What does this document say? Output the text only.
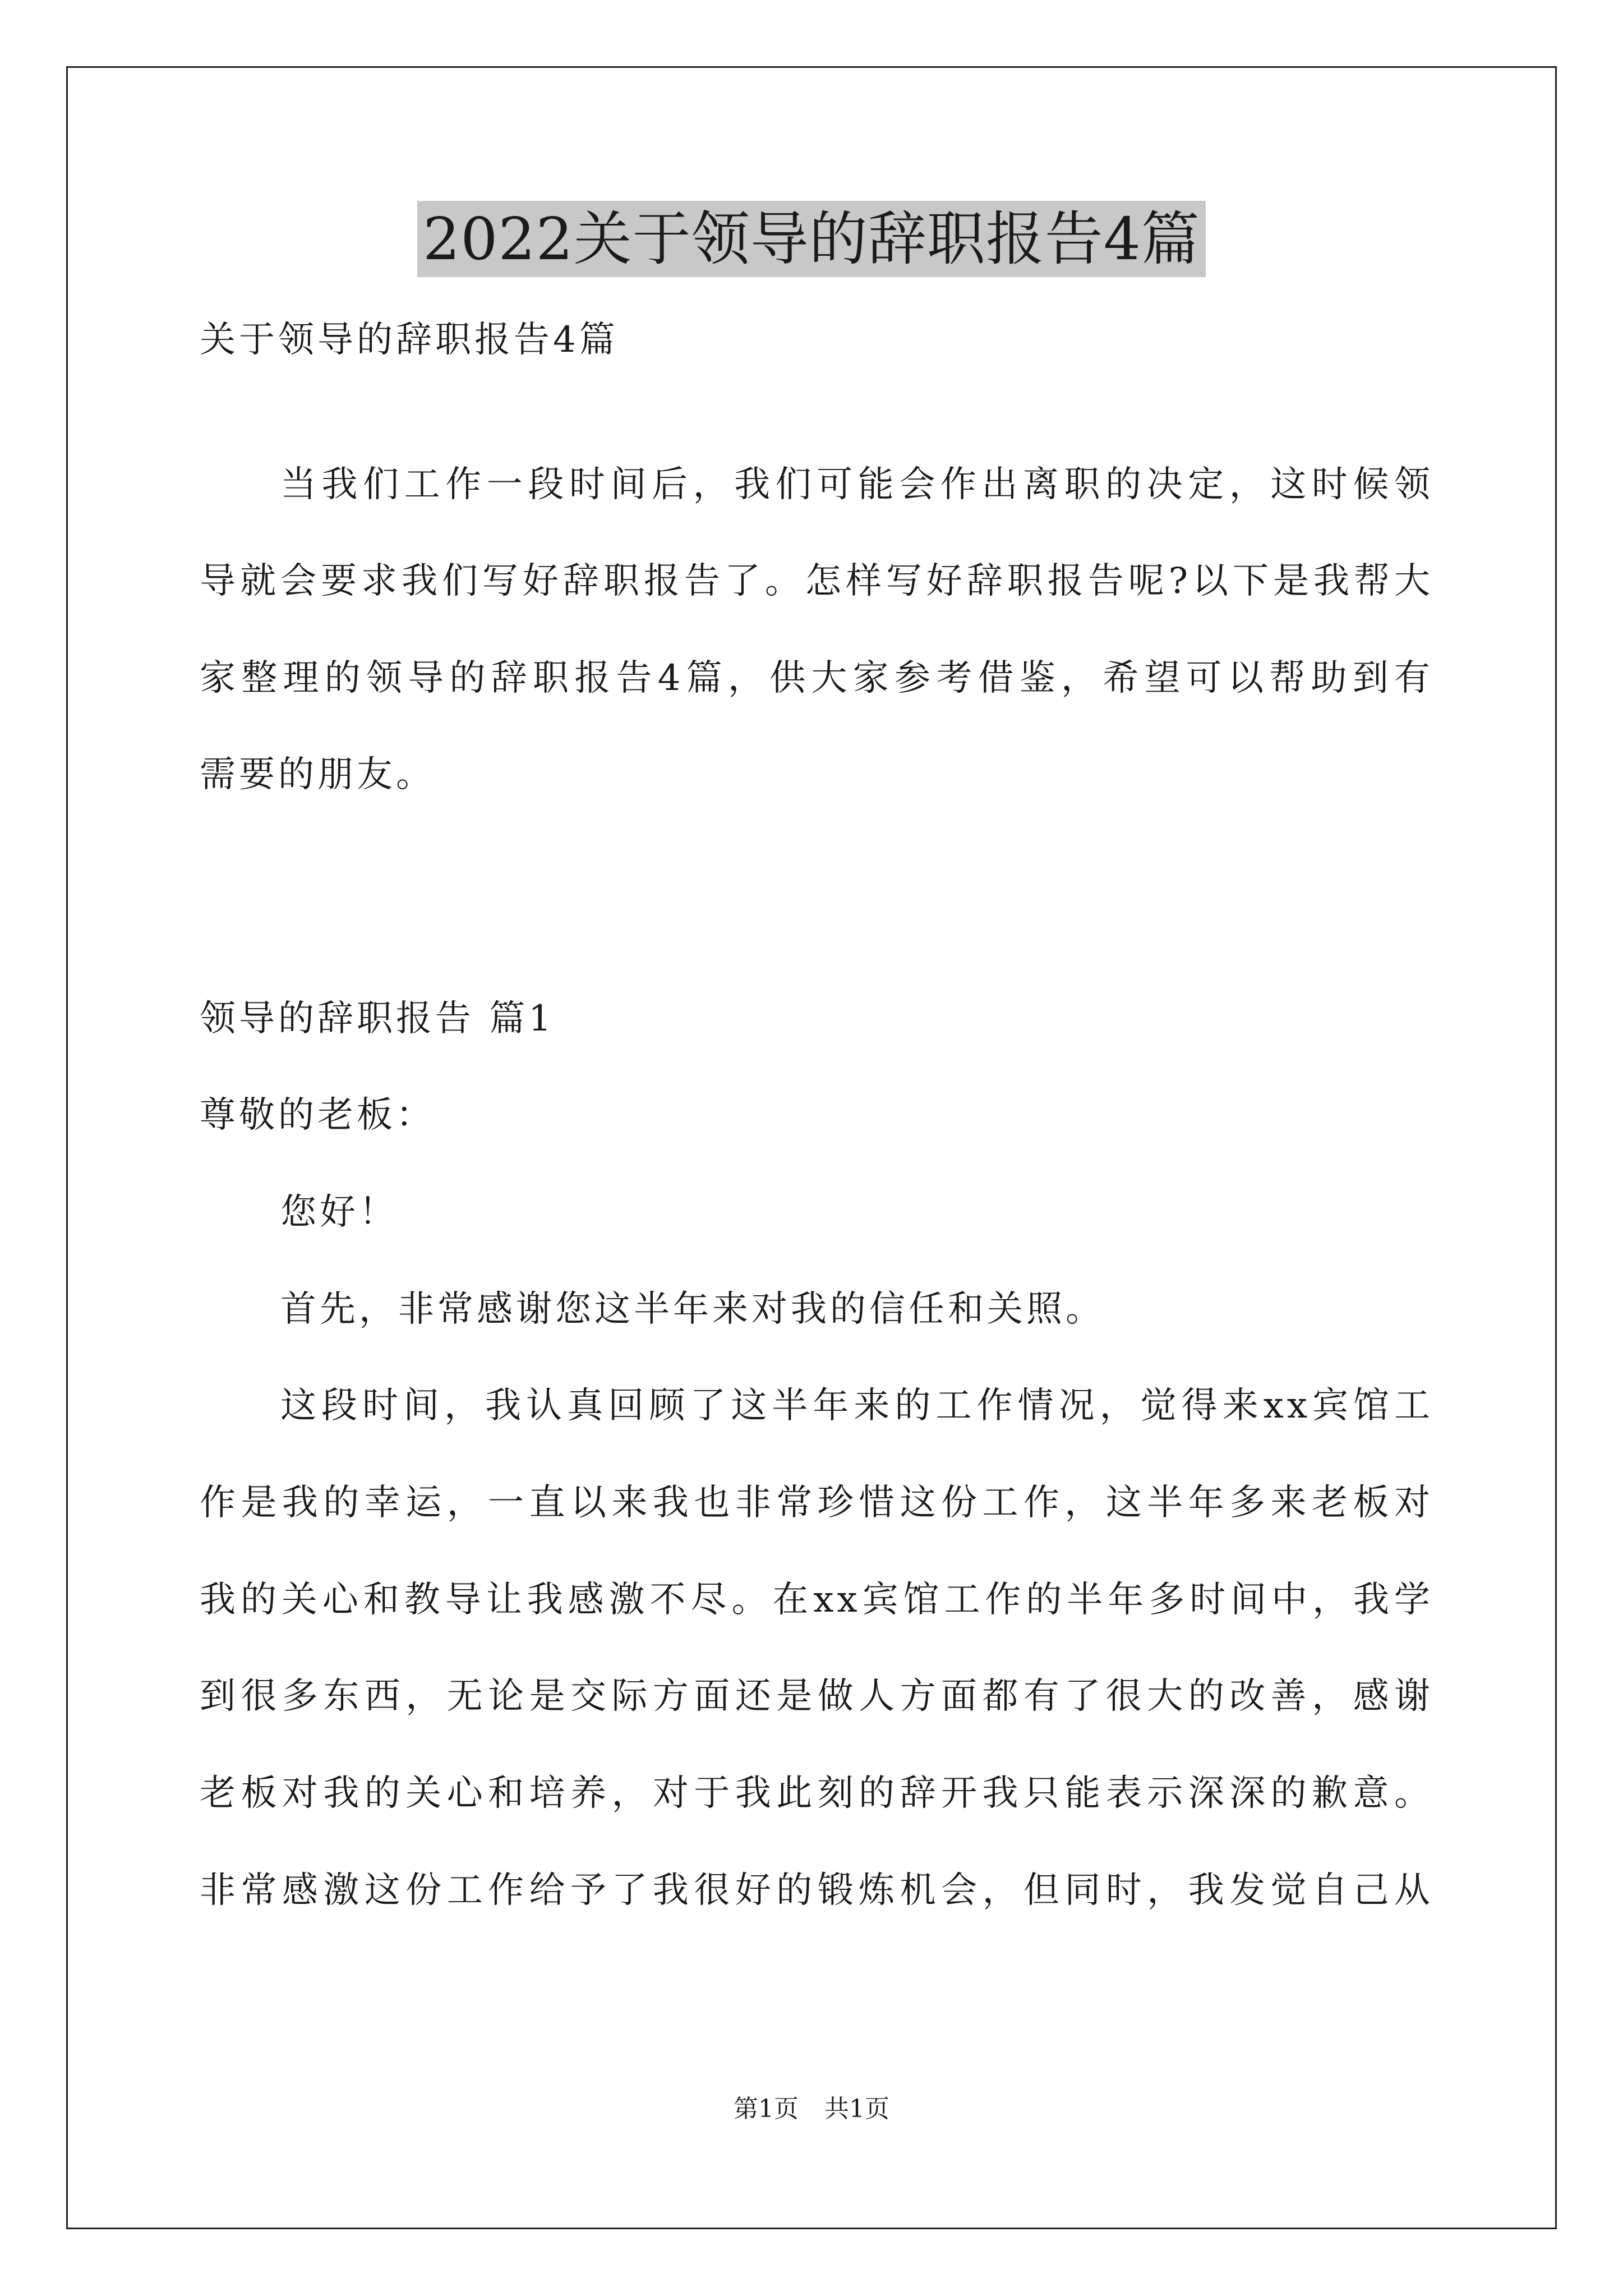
2022关于领导的辞职报告4篇
关于领导的辞职报告4篇
当我们工作一段时间后，我们可能会作出离职的决定，这时候领
导就会要求我们写好辞职报告了。怎样写好辞职报告呢?以下是我帮大
家整理的领导的辞职报告4篇，供大家参考借鉴，希望可以帮助到有
需要的朋友。
领导的辞职报告 篇1
尊敬的老板：
您好！
首先，非常感谢您这半年来对我的信任和关照。
这段时间，我认真回顾了这半年来的工作情况，觉得来xx宾馆工
作是我的幸运，一直以来我也非常珍惜这份工作，这半年多来老板对
我的关心和教导让我感激不尽。在xx宾馆工作的半年多时间中，我学
到很多东西，无论是交际方面还是做人方面都有了很大的改善，感谢
老板对我的关心和培养，对于我此刻的辞开我只能表示深深的歉意。
非常感激这份工作给予了我很好的锻炼机会，但同时，我发觉自己从
第1页 共1页
